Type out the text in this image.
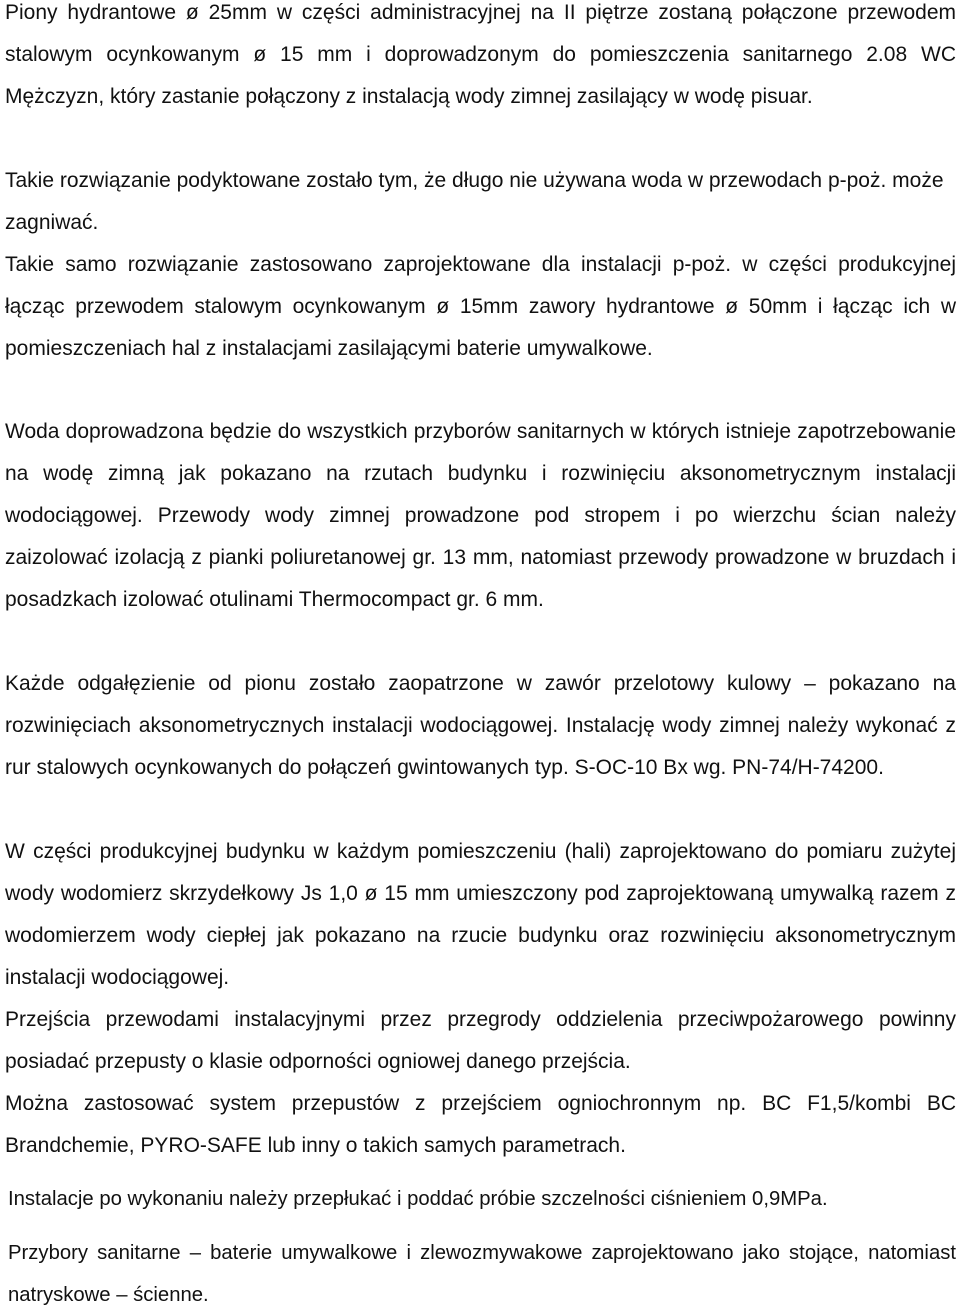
Piony hydrantowe ø 25mm w części administracyjnej na II piętrze zostaną połączone przewodem stalowym ocynkowanym ø 15 mm i doprowadzonym do pomieszczenia sanitarnego 2.08 WC Mężczyzn, który zastanie połączony z instalacją wody zimnej zasilający w wodę pisuar.

Takie rozwiązanie podyktowane zostało tym, że długo nie używana woda w przewodach p-poż. może zagniwać.

Takie samo rozwiązanie zastosowano zaprojektowane dla instalacji p-poż. w części produkcyjnej łącząc przewodem stalowym ocynkowanym ø 15mm zawory hydrantowe ø 50mm i łącząc ich w pomieszczeniach hal z instalacjami zasilającymi baterie umywalkowe.

Woda doprowadzona będzie do wszystkich przyborów sanitarnych w których istnieje zapotrzebowanie na wodę zimną jak pokazano na rzutach budynku i rozwinięciu aksonometrycznym instalacji wodociągowej. Przewody wody zimnej prowadzone pod stropem i po wierzchu ścian należy zaizolować izolacją z pianki poliuretanowej gr. 13 mm, natomiast przewody prowadzone w bruzdach i posadzkach izolować otulinami Thermocompact gr. 6 mm.

Każde odgałęzienie od pionu zostało zaopatrzone w zawór przelotowy kulowy – pokazano na rozwinięciach aksonometrycznych instalacji wodociągowej. Instalację wody zimnej należy wykonać z rur stalowych ocynkowanych do połączeń gwintowanych typ. S-OC-10 Bx wg. PN-74/H-74200.

W części produkcyjnej budynku w każdym pomieszczeniu (hali) zaprojektowano do pomiaru zużytej wody wodomierz skrzydełkowy Js 1,0 ø 15 mm umieszczony pod zaprojektowaną umywalką razem z wodomierzem wody ciepłej jak pokazano na rzucie budynku oraz rozwinięciu aksonometrycznym instalacji wodociągowej.

Przejścia przewodami instalacyjnymi przez przegrody oddzielenia przeciwpożarowego powinny posiadać przepusty o klasie odporności ogniowej danego przejścia.

Można zastosować system przepustów z przejściem ogniochronnym np. BC F1,5/kombi BC Brandchemie, PYRO-SAFE lub inny o takich samych parametrach.

Instalacje po wykonaniu należy przepłukać i poddać próbie szczelności ciśnieniem 0,9MPa.

Przybory sanitarne – baterie umywalkowe i zlewozmywakowe zaprojektowano jako stojące, natomiast natryskowe – ścienne.
